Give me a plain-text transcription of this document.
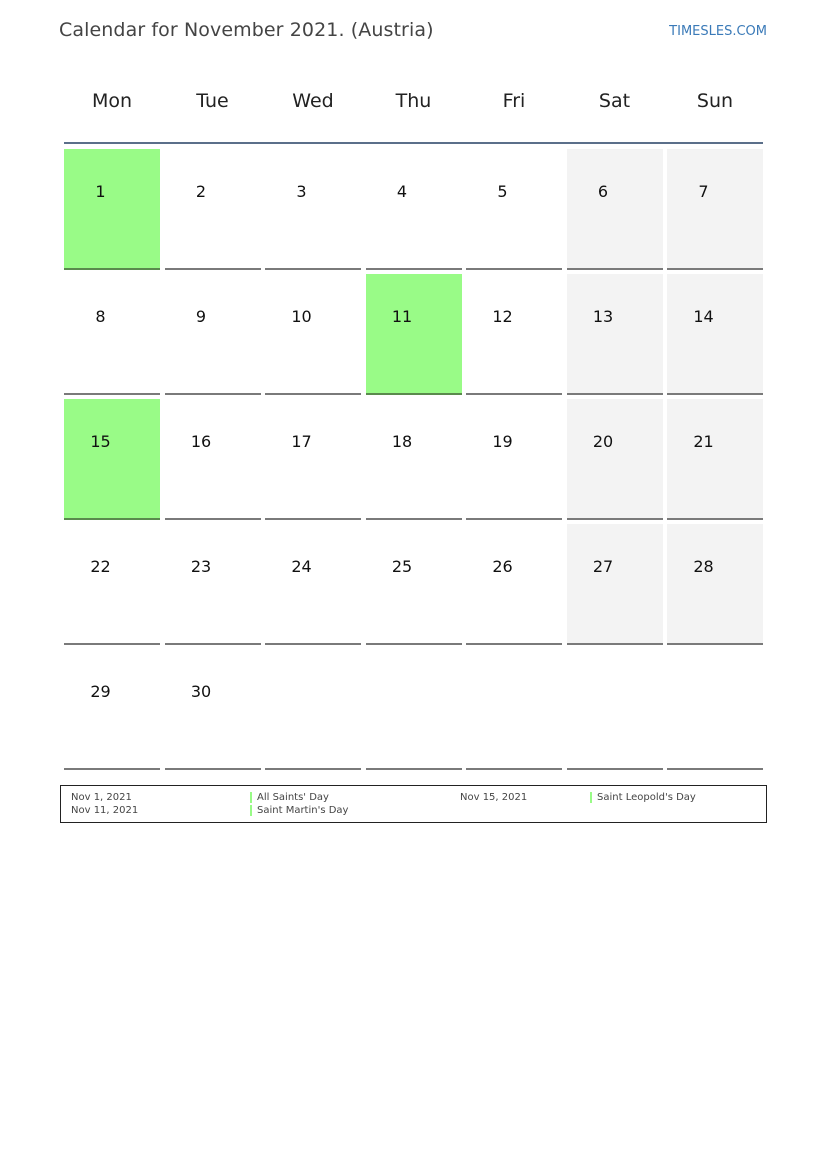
Calendar for November 2021. (Austria)	TIMESLES.COM
Mon	Tue	Wed	Thu	Fri	Sat	Sun
1	2	3	4	5	6	7
8	9	10	11	12	13	14
15	16	17	18	19	20	21
22	23	24	25	26	27	28
29	30
Nov 1, 2021	All Saints' Day
Nov 11, 2021	Saint Martin's Day
Nov 15, 2021	Saint Leopold's Day
